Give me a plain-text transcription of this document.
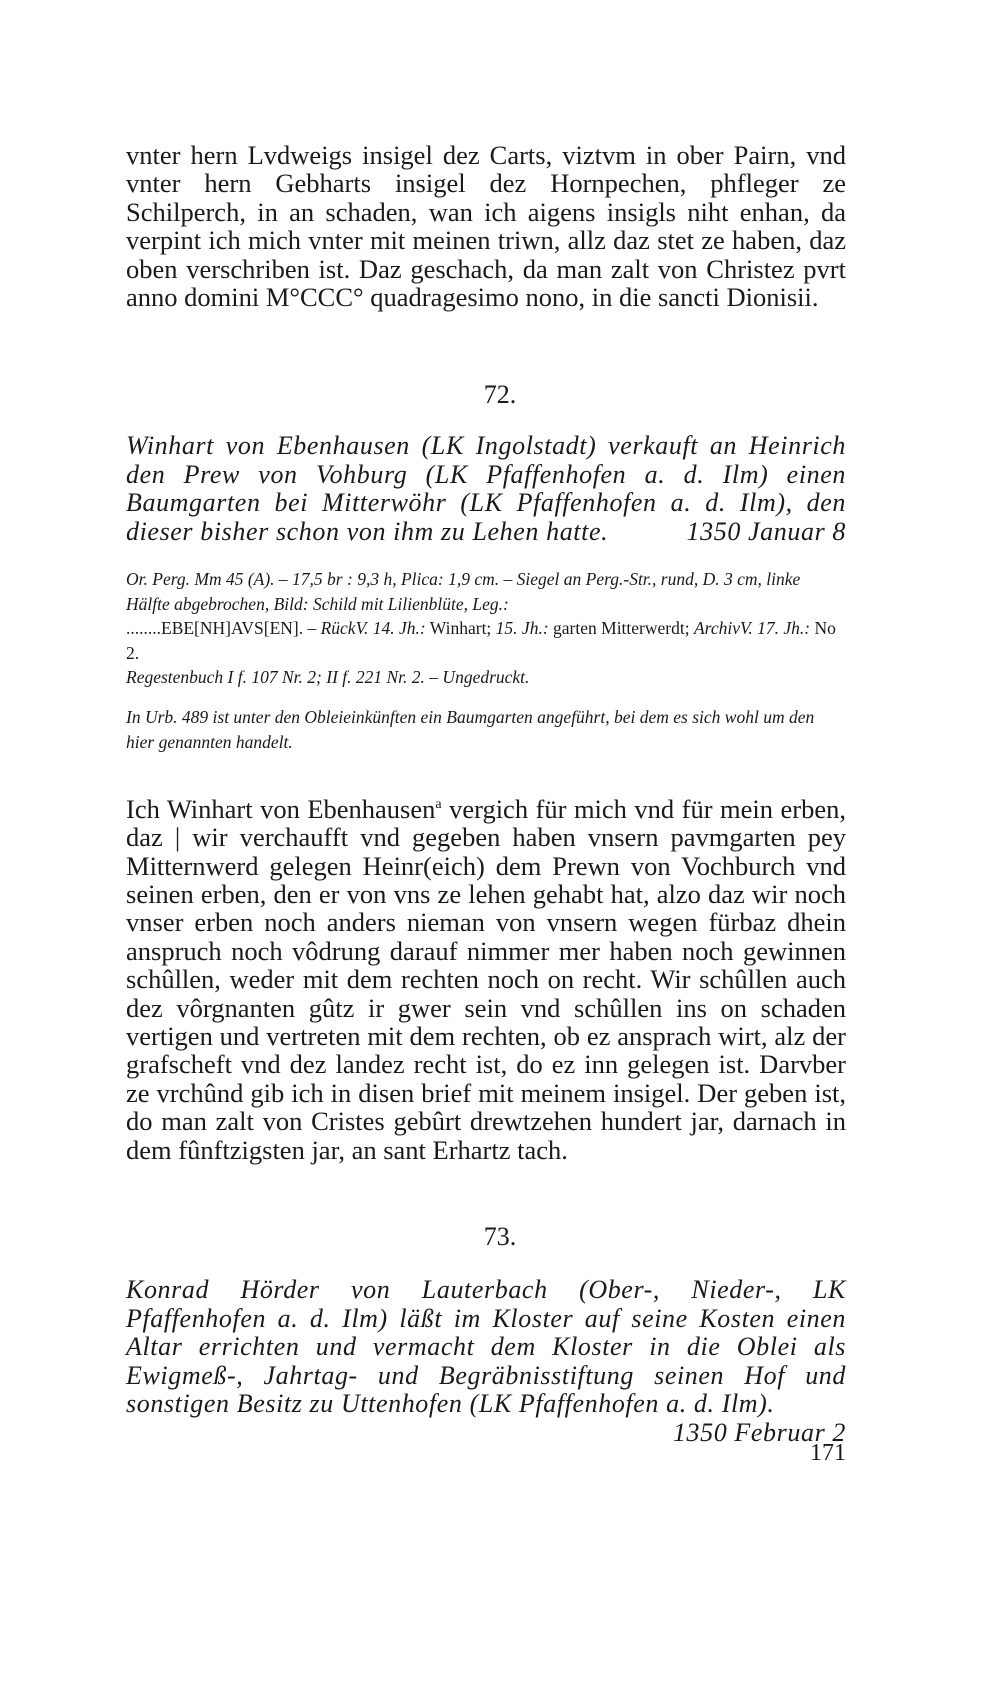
vnter hern Lvdweigs insigel dez Carts, viztvm in ober Pairn, vnd vnter hern Gebharts insigel dez Hornpechen, phfleger ze Schilperch, in an schaden, wan ich aigens insigls niht enhan, da verpint ich mich vnter mit meinen triwn, allz daz stet ze haben, daz oben verschriben ist. Daz geschach, da man zalt von Christez pvrt anno domini M°CCC° quadragesimo nono, in die sancti Dionisii.

72.

Winhart von Ebenhausen (LK Ingolstadt) verkauft an Heinrich den Prew von Vohburg (LK Pfaffenhofen a. d. Ilm) einen Baumgarten bei Mitterwöhr (LK Pfaffenhofen a. d. Ilm), den dieser bisher schon von ihm zu Lehen hatte.	1350 Januar 8

Or. Perg. Mm 45 (A). – 17,5 br : 9,3 h, Plica: 1,9 cm. – Siegel an Perg.-Str., rund, D. 3 cm, linke Hälfte abgebrochen, Bild: Schild mit Lilienblüte, Leg.:

........EBE[NH]AVS[EN]. – RückV. 14. Jh.: Winhart; 15. Jh.: garten Mitterwerdt; ArchivV. 17. Jh.: No 2.

Regestenbuch I f. 107 Nr. 2; II f. 221 Nr. 2. – Ungedruckt.

In Urb. 489 ist unter den Obleieinkünften ein Baumgarten angeführt, bei dem es sich wohl um den hier genannten handelt.

Ich Winhart von Ebenhausen$^a$ vergich für mich vnd für mein erben, daz | wir verchaufft vnd gegeben haben vnsern pavmgarten pey Mitternwerd gelegen Heinr(eich) dem Prewn von Vochburch vnd seinen erben, den er von vns ze lehen gehabt hat, alzo daz wir noch vnser erben noch anders nieman von vnsern wegen fürbaz dhein anspruch noch vôdrung darauf nimmer mer haben noch gewinnen schûllen, weder mit dem rechten noch on recht. Wir schûllen auch dez vôrgnanten gûtz ir gwer sein vnd schûllen ins on schaden vertigen und vertreten mit dem rechten, ob ez ansprach wirt, alz der grafscheft vnd dez landez recht ist, do ez inn gelegen ist. Darvber ze vrchûnd gib ich in disen brief mit meinem insigel. Der geben ist, do man zalt von Cristes gebûrt drewtzehen hundert jar, darnach in dem fûnftzigsten jar, an sant Erhartz tach.

73.

Konrad Hörder von Lauterbach (Ober-, Nieder-, LK Pfaffenhofen a. d. Ilm) läßt im Kloster auf seine Kosten einen Altar errichten und vermacht dem Kloster in die Oblei als Ewigmeß-, Jahrtag- und Begräbnisstiftung seinen Hof und sonstigen Besitz zu Uttenhofen (LK Pfaffenhofen a. d. Ilm).
1350 Februar 2

171
